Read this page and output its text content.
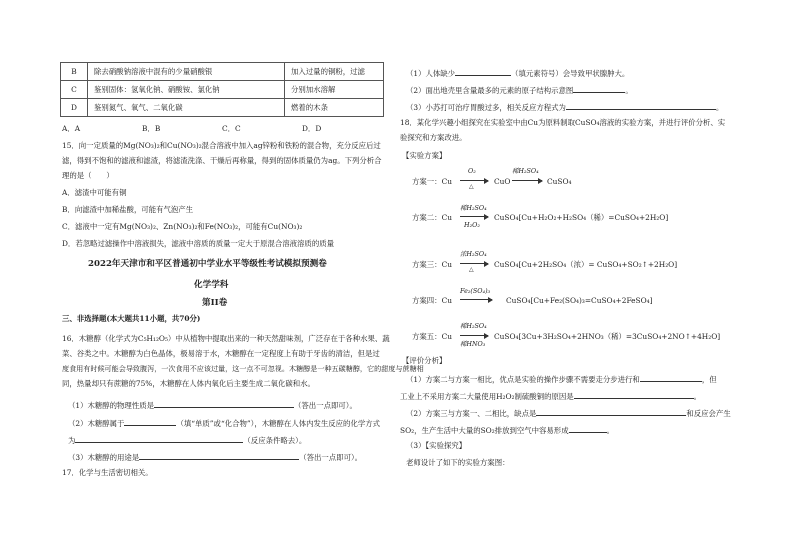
B	除去硝酸钠溶液中混有的少量硝酸银	加入过量的铜粉，过滤
C	鉴别固体：氢氧化钠、硝酸铵、氯化钠	分别加水溶解
D	鉴别氮气、氧气、二氧化碳	燃着的木条
A．A	B．B	C．C	D．D
15．向一定质量的Mg(NO₃)₂和Cu(NO₃)₂混合溶液中加入ag锌粉和铁粉的混合物，充分反应后过
滤，得到不饱和的滤液和滤渣，将滤渣洗涤、干燥后再称量，得到的固体质量仍为ag。下列分析合
理的是（　　）
A．滤渣中可能有铜
B．向滤渣中加稀盐酸，可能有气泡产生
C．滤液中一定有Mg(NO₃)₂、Zn(NO₃)₂和Fe(NO₃)₂，可能有Cu(NO₃)₂
D．若忽略过滤操作中溶液损失，滤液中溶质的质量一定大于原混合溶液溶质的质量
2022年天津市和平区普通初中学业水平等级性考试模拟预测卷
化学学科
第II卷
三、非选择题(本大题共11小题，共70分)
16．木糖醇（化学式为C₅H₁₂O₅）中从植物中提取出来的一种天然甜味剂，广泛存在于各种水果、蔬
菜、谷类之中。木糖醇为白色晶体，极易溶于水，木糖醇在一定程度上有助于牙齿的清洁，但是过
度食用有时候可能会导致腹泻，一次食用不应该过量，这一点不可忽视。木糖醇是一种五碳糖醇，它的甜度与蔗糖相
同，热量却只有蔗糖的75%，木糖醇在人体内氧化后主要生成二氧化碳和水。
（1）木糖醇的物理性质是	（答出一点即可）。
（2）木糖醇属于	（填“单质”或“化合物”），木糖醇在人体内发生反应的化学方式
为	（反应条件略去）。
（3）木糖醇的用途是	（答出一点即可）。
17．化学与生活密切相关。
（1）人体缺少	（填元素符号）会导致甲状腺肿大。
（2）面出地壳里含量最多的元素的原子结构示意图	。
（3）小苏打可治疗胃酸过多，相关反应方程式为	。
18．某化学兴趣小组探究在实验室中由Cu为原料制取CuSO₄溶液的实验方案，并进行评价分析、实
验探究和方案改进。
【实验方案】
方案一：Cu
O₂
△
CuO
稀H₂SO₄
CuSO₄
方案二：Cu
稀H₂SO₄
H₂O₂
CuSO₄[Cu+H₂O₂+H₂SO₄（稀）=CuSO₄+2H₂O]
方案三：Cu
浓H₂SO₄
△
CuSO₄[Cu+2H₂SO₄（浓）= CuSO₄+SO₂↑+2H₂O]
方案四：Cu
Fe₂(SO₄)₃
CuSO₄[Cu+Fe₂(SO₄)₃=CuSO₄+2FeSO₄]
方案五：Cu
稀H₂SO₄
稀HNO₃
CuSO₄[3Cu+3H₂SO₄+2HNO₃（稀）=3CuSO₄+2NO↑+4H₂O]
【评价分析】
（1）方案二与方案一相比，优点是实验的操作步骤不需要走分步进行和	，但
工业上不采用方案二大量使用H₂O₂制硫酸铜的原因是	。
（2）方案三与方案一、二相比，缺点是	和反应会产生
SO₂，生产生活中大量的SO₂排放到空气中容易形成	。
（3）【实验探究】
老师设计了如下的实验方案图：
